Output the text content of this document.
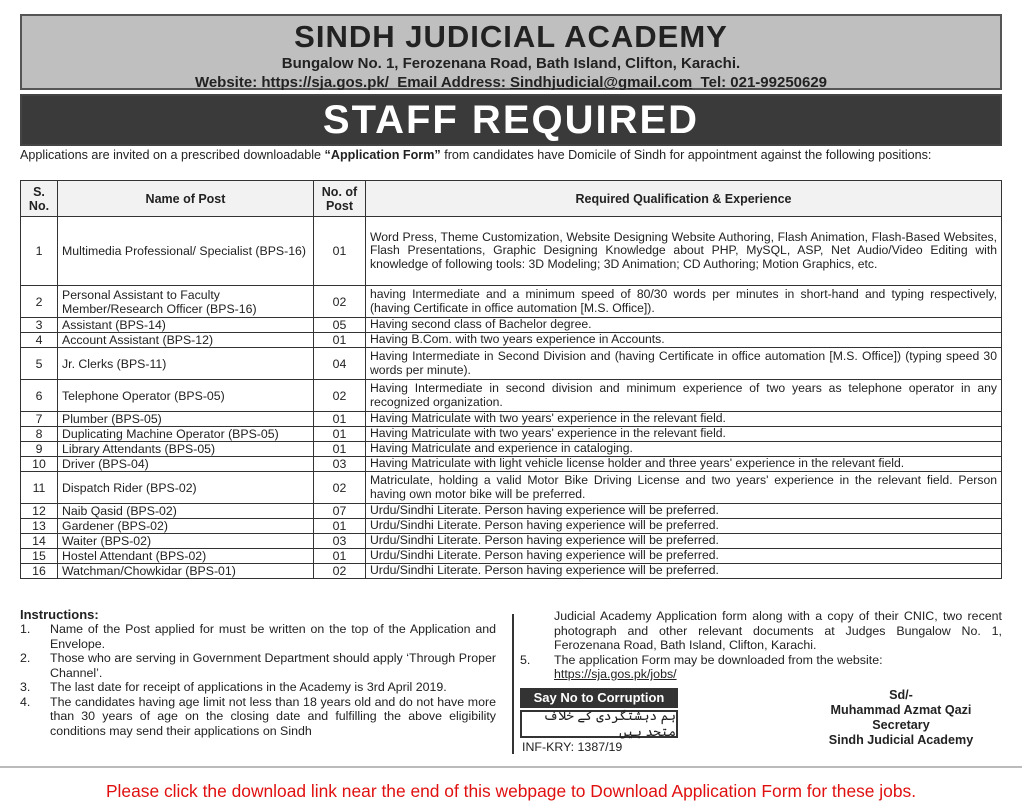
SINDH JUDICIAL ACADEMY
Bungalow No. 1, Ferozenana Road, Bath Island, Clifton, Karachi.
Website: https://sja.gos.pk/ Email Address: Sindhjudicial@gmail.com Tel: 021-99250629
STAFF REQUIRED
Applications are invited on a prescribed downloadable “Application Form” from candidates have Domicile of Sindh for appointment against the following positions:
S. No.	Name of Post	No. of Post	Required Qualification & Experience
1	Multimedia Professional/ Specialist (BPS-16)	01	Word Press, Theme Customization, Website Designing Website Authoring, Flash Animation, Flash-Based Websites, Flash Presentations, Graphic Designing Knowledge about PHP, MySQL, ASP, Net Audio/Video Editing with knowledge of following tools: 3D Modeling; 3D Animation; CD Authoring; Motion Graphics, etc.
2	Personal Assistant to Faculty Member/Research Officer (BPS-16)	02	having Intermediate and a minimum speed of 80/30 words per minutes in short-hand and typing respectively, (having Certificate in office automation [M.S. Office]).
3	Assistant (BPS-14)	05	Having second class of Bachelor degree.
4	Account Assistant (BPS-12)	01	Having B.Com. with two years experience in Accounts.
5	Jr. Clerks (BPS-11)	04	Having Intermediate in Second Division and (having Certificate in office automation [M.S. Office]) (typing speed 30 words per minute).
6	Telephone Operator (BPS-05)	02	Having Intermediate in second division and minimum experience of two years as telephone operator in any recognized organization.
7	Plumber (BPS-05)	01	Having Matriculate with two years' experience in the relevant field.
8	Duplicating Machine Operator (BPS-05)	01	Having Matriculate with two years' experience in the relevant field.
9	Library Attendants (BPS-05)	01	Having Matriculate and experience in cataloging.
10	Driver (BPS-04)	03	Having Matriculate with light vehicle license holder and three years' experience in the relevant field.
11	Dispatch Rider (BPS-02)	02	Matriculate, holding a valid Motor Bike Driving License and two years' experience in the relevant field. Person having own motor bike will be preferred.
12	Naib Qasid (BPS-02)	07	Urdu/Sindhi Literate. Person having experience will be preferred.
13	Gardener (BPS-02)	01	Urdu/Sindhi Literate. Person having experience will be preferred.
14	Waiter (BPS-02)	03	Urdu/Sindhi Literate. Person having experience will be preferred.
15	Hostel Attendant (BPS-02)	01	Urdu/Sindhi Literate. Person having experience will be preferred.
16	Watchman/Chowkidar (BPS-01)	02	Urdu/Sindhi Literate. Person having experience will be preferred.
Instructions:
1.	Name of the Post applied for must be written on the top of the Application and Envelope.
2.	Those who are serving in Government Department should apply ‘Through Proper Channel’.
3.	The last date for receipt of applications in the Academy is 3rd April 2019.
4.	The candidates having age limit not less than 18 years old and do not have more than 30 years of age on the closing date and fulfilling the above eligibility conditions may send their applications on Sindh
Judicial Academy Application form along with a copy of their CNIC, two recent photograph and other relevant documents at Judges Bungalow No. 1, Ferozenana Road, Bath Island, Clifton, Karachi.
5.	The application Form may be downloaded from the website:
https://sja.gos.pk/jobs/
Say No to Corruption
ہم دہشتگردی کے خلاف متحد ہیں
INF-KRY: 1387/19
Sd/-
Muhammad Azmat Qazi
Secretary
Sindh Judicial Academy
Please click the download link near the end of this webpage to Download Application Form for these jobs.
